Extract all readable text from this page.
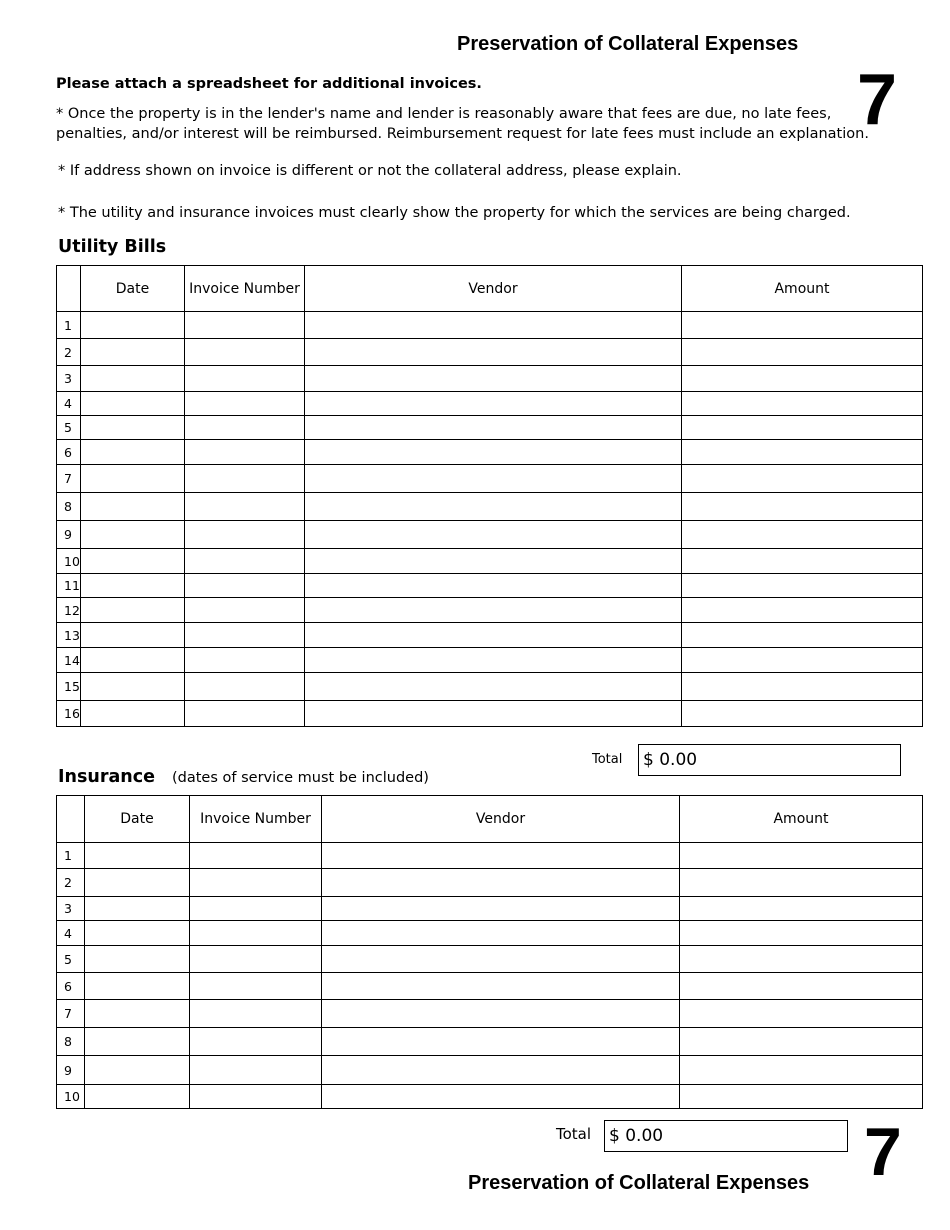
Preservation of Collateral Expenses
7
Please attach a spreadsheet for additional invoices.
* Once the property is in the lender's name and lender is reasonably aware that fees are due, no late fees,
penalties, and/or interest will be reimbursed. Reimbursement request for late fees must include an explanation.
* If address shown on invoice is different or not the collateral address, please explain.
* The utility and insurance invoices must clearly show the property for which the services are being charged.
Utility Bills
	Date	Invoice Number	Vendor	Amount
1				
2				
3				
4				
5				
6				
7				
8				
9				
10				
11				
12				
13				
14				
15				
16				
Total $ 0.00
Insurance (dates of service must be included)
	Date	Invoice Number	Vendor	Amount
1				
2				
3				
4				
5				
6				
7				
8				
9				
10				
Total $ 0.00	7
Preservation of Collateral Expenses
